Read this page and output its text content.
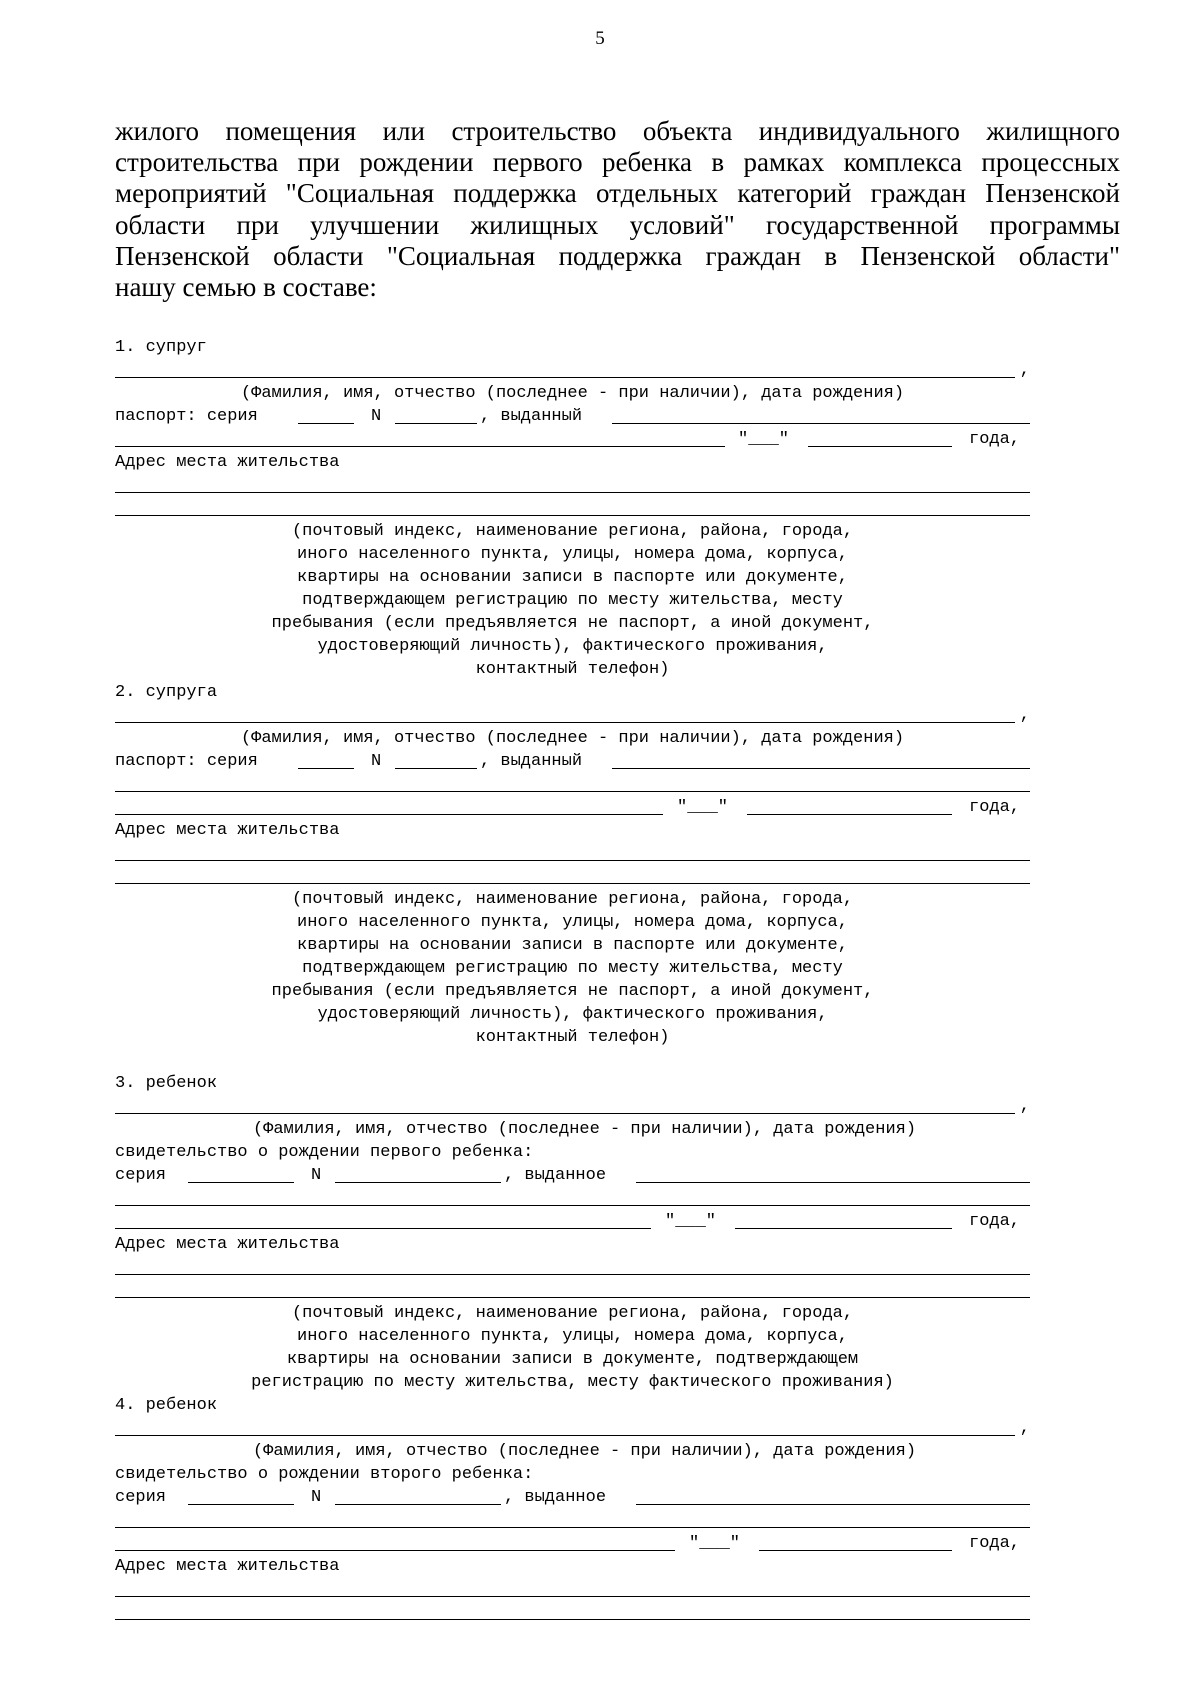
5
жилого помещения или строительство объекта индивидуального жилищного
строительства при рождении первого ребенка в рамках комплекса процессных
мероприятий "Социальная поддержка отдельных категорий граждан Пензенской
области при улучшении жилищных условий" государственной программы
Пензенской области "Социальная поддержка граждан в Пензенской области"
нашу семью в составе:
1. супруг

,

(Фамилия, имя, отчество (последнее - при наличии), дата рождения)

паспорт: серия

	N

	, выданный

"___"

	года,

Адрес места жительства
(почтовый индекс, наименование региона, района, города,
иного населенного пункта, улицы, номера дома, корпуса,
квартиры на основании записи в паспорте или документе,
подтверждающем регистрацию по месту жительства, месту
пребывания (если предъявляется не паспорт, а иной документ,
удостоверяющий личность), фактического проживания,
контактный телефон)
2. супруга

,

(Фамилия, имя, отчество (последнее - при наличии), дата рождения)

паспорт: серия

	N

	, выданный

"___"

	года,

Адрес места жительства
(почтовый индекс, наименование региона, района, города,
иного населенного пункта, улицы, номера дома, корпуса,
квартиры на основании записи в паспорте или документе,
подтверждающем регистрацию по месту жительства, месту
пребывания (если предъявляется не паспорт, а иной документ,
удостоверяющий личность), фактического проживания,
контактный телефон)
3. ребенок

,

(Фамилия, имя, отчество (последнее - при наличии), дата рождения)
свидетельство о рождении первого ребенка:

серия

	N

	, выданное

"___"

	года,

Адрес места жительства
(почтовый индекс, наименование региона, района, города,
иного населенного пункта, улицы, номера дома, корпуса,
квартиры на основании записи в документе, подтверждающем
регистрацию по месту жительства, месту фактического проживания)
4. ребенок

,

(Фамилия, имя, отчество (последнее - при наличии), дата рождения)
свидетельство о рождении второго ребенка:

серия

	N

	, выданное

"___"

	года,

Адрес места жительства
